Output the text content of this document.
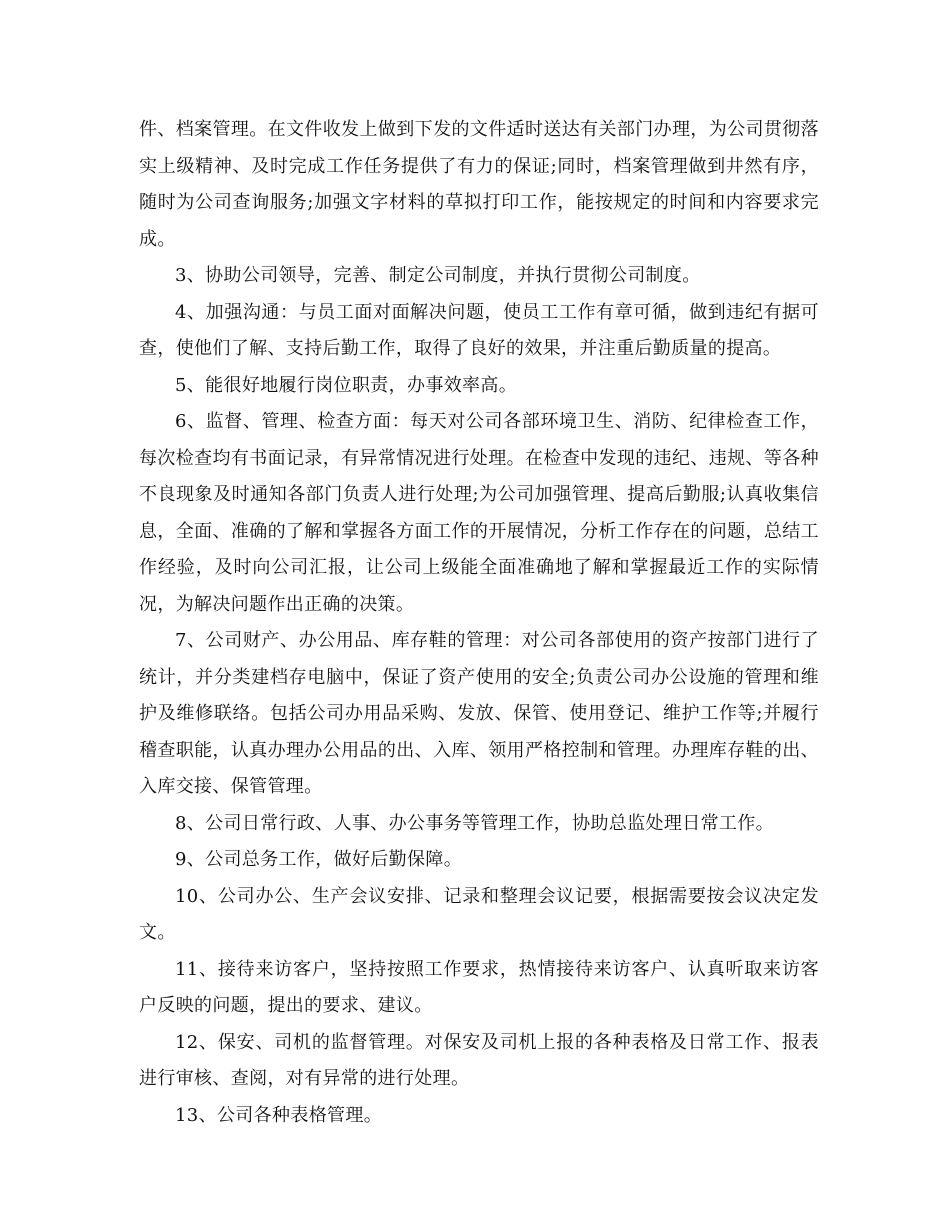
件、档案管理。在文件收发上做到下发的文件适时送达有关部门办理，为公司贯彻落实上级精神、及时完成工作任务提供了有力的保证;同时，档案管理做到井然有序，随时为公司查询服务;加强文字材料的草拟打印工作，能按规定的时间和内容要求完成。

3、协助公司领导，完善、制定公司制度，并执行贯彻公司制度。

4、加强沟通：与员工面对面解决问题，使员工工作有章可循，做到违纪有据可查，使他们了解、支持后勤工作，取得了良好的效果，并注重后勤质量的提高。

5、能很好地履行岗位职责，办事效率高。

6、监督、管理、检查方面：每天对公司各部环境卫生、消防、纪律检查工作，每次检查均有书面记录，有异常情况进行处理。在检查中发现的违纪、违规、等各种不良现象及时通知各部门负责人进行处理;为公司加强管理、提高后勤服;认真收集信息，全面、准确的了解和掌握各方面工作的开展情况，分析工作存在的问题，总结工作经验，及时向公司汇报，让公司上级能全面准确地了解和掌握最近工作的实际情况，为解决问题作出正确的决策。

7、公司财产、办公用品、库存鞋的管理：对公司各部使用的资产按部门进行了统计，并分类建档存电脑中，保证了资产使用的安全;负责公司办公设施的管理和维护及维修联络。包括公司办用品采购、发放、保管、使用登记、维护工作等;并履行稽查职能，认真办理办公用品的出、入库、领用严格控制和管理。办理库存鞋的出、入库交接、保管管理。

8、公司日常行政、人事、办公事务等管理工作，协助总监处理日常工作。

9、公司总务工作，做好后勤保障。

10、公司办公、生产会议安排、记录和整理会议记要，根据需要按会议决定发文。

11、接待来访客户，坚持按照工作要求，热情接待来访客户、认真听取来访客户反映的问题，提出的要求、建议。

12、保安、司机的监督管理。对保安及司机上报的各种表格及日常工作、报表进行审核、查阅，对有异常的进行处理。

13、公司各种表格管理。
